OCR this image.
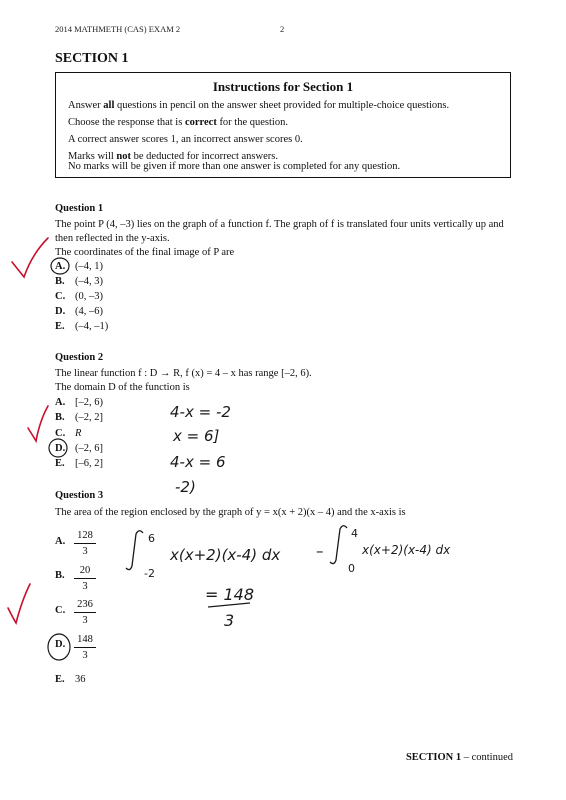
2014 MATHMETH (CAS) EXAM 2	2
SECTION 1
Instructions for Section 1
Answer all questions in pencil on the answer sheet provided for multiple-choice questions.
Choose the response that is correct for the question.
A correct answer scores 1, an incorrect answer scores 0.
Marks will not be deducted for incorrect answers.
No marks will be given if more than one answer is completed for any question.
Question 1
The point P (4, –3) lies on the graph of a function f. The graph of f is translated four units vertically up and
then reflected in the y-axis.
The coordinates of the final image of P are
A. (–4, 1)
B. (–4, 3)
C. (0, –3)
D. (4, –6)
E. (–4, –1)
Question 2
The linear function f : D → R, f (x) = 4 – x has range [–2, 6).
The domain D of the function is
A. [–2, 6)
B. (–2, 2]
C. R
D. (–2, 6]
E. [–6, 2]
Question 3
The area of the region enclosed by the graph of y = x(x + 2)(x – 4) and the x-axis is
A.
128
3
B.	20
3
C.
236
3
D. 148
3
E. 36
SECTION 1 – continued
4-x = -2
x = 6]
4-x = 6
-2)
6
-2
x(x+2)(x-4) dx –
4
0
x(x+2)(x-4) dx
= 148
3
